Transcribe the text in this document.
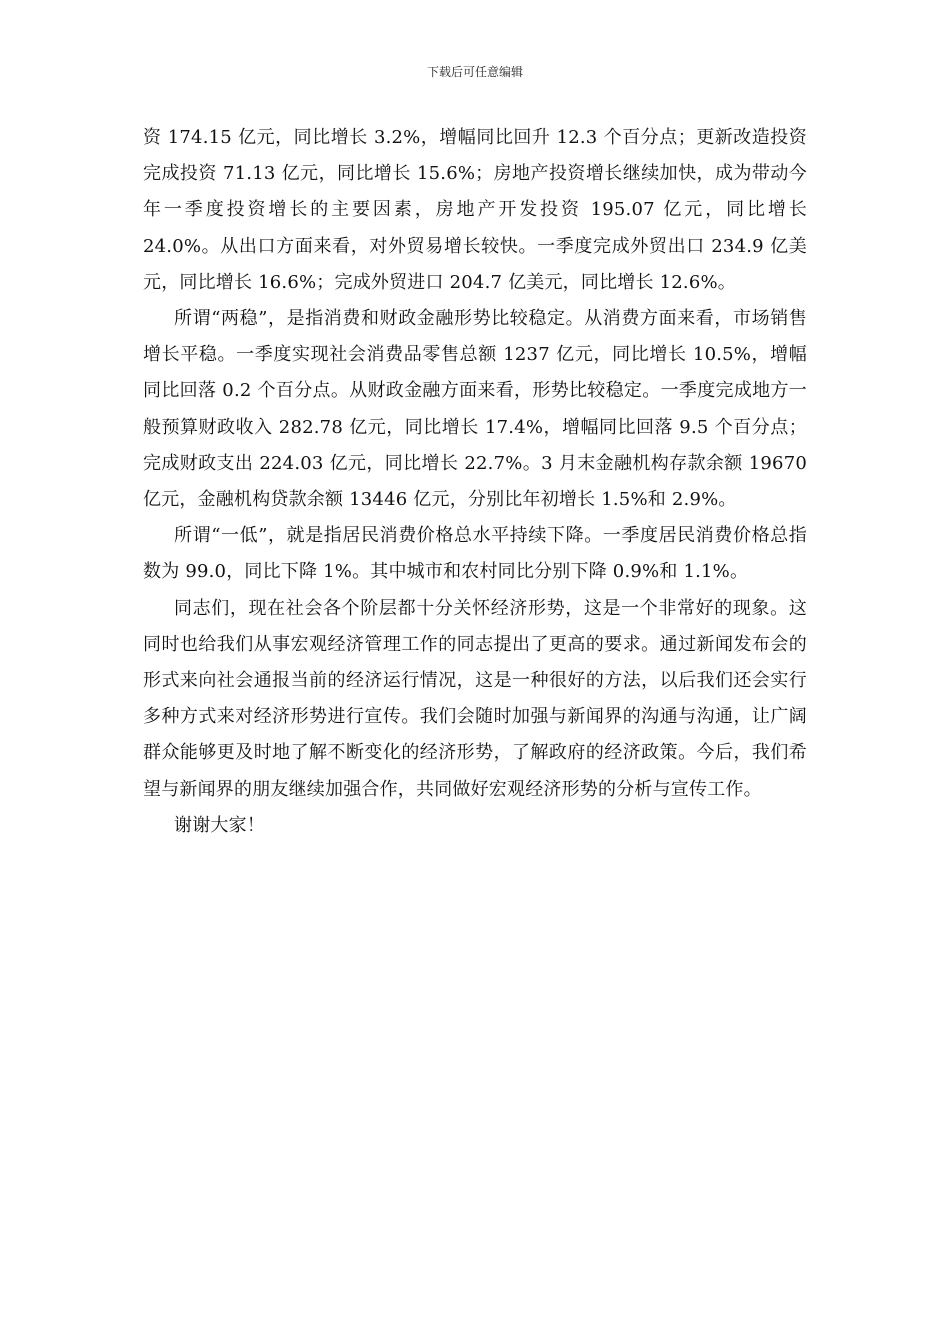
下载后可任意编辑

资 174.15 亿元，同比增长 3.2%，增幅同比回升 12.3 个百分点；更新改造投资完成投资 71.13 亿元，同比增长 15.6%；房地产投资增长继续加快，成为带动今年一季度投资增长的主要因素，房地产开发投资 195.07 亿元，同比增长 24.0%。从出口方面来看，对外贸易增长较快。一季度完成外贸出口 234.9 亿美元，同比增长 16.6%；完成外贸进口 204.7 亿美元，同比增长 12.6%。

所谓“两稳”，是指消费和财政金融形势比较稳定。从消费方面来看，市场销售增长平稳。一季度实现社会消费品零售总额 1237 亿元，同比增长 10.5%，增幅同比回落 0.2 个百分点。从财政金融方面来看，形势比较稳定。一季度完成地方一般预算财政收入 282.78 亿元，同比增长 17.4%，增幅同比回落 9.5 个百分点；完成财政支出 224.03 亿元，同比增长 22.7%。3 月末金融机构存款余额 19670 亿元，金融机构贷款余额 13446 亿元，分别比年初增长 1.5%和 2.9%。

所谓“一低”，就是指居民消费价格总水平持续下降。一季度居民消费价格总指数为 99.0，同比下降 1%。其中城市和农村同比分别下降 0.9%和 1.1%。

同志们，现在社会各个阶层都十分关怀经济形势，这是一个非常好的现象。这同时也给我们从事宏观经济管理工作的同志提出了更高的要求。通过新闻发布会的形式来向社会通报当前的经济运行情况，这是一种很好的方法，以后我们还会实行多种方式来对经济形势进行宣传。我们会随时加强与新闻界的沟通与沟通，让广阔群众能够更及时地了解不断变化的经济形势，了解政府的经济政策。今后，我们希望与新闻界的朋友继续加强合作，共同做好宏观经济形势的分析与宣传工作。

谢谢大家！
